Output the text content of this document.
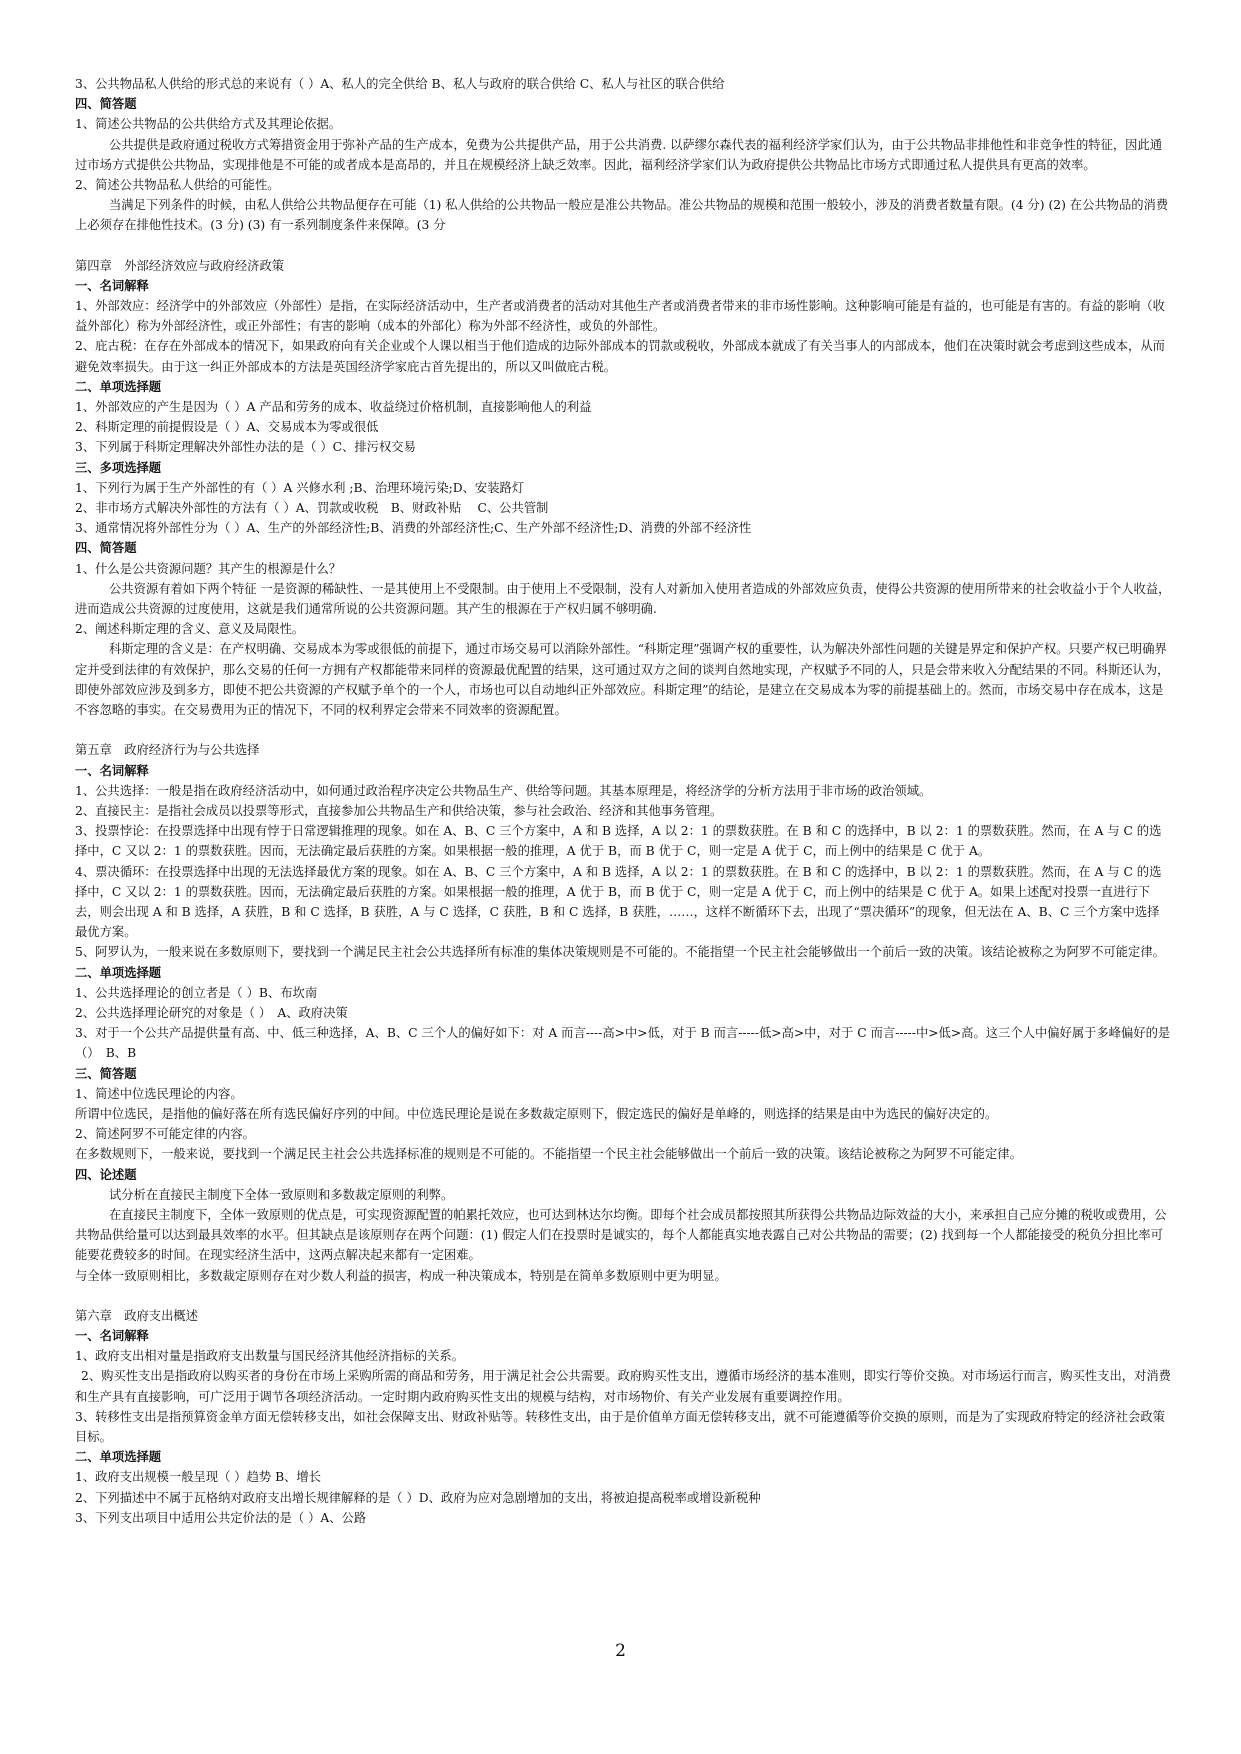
3、公共物品私人供给的形式总的来说有（ ）A、私人的完全供给 B、私人与政府的联合供给 C、私人与社区的联合供给

四、简答题

1、简述公共物品的公共供给方式及其理论依据。

公共提供是政府通过税收方式筹措资金用于弥补产品的生产成本，免费为公共提供产品，用于公共消费. 以萨缪尔森代表的福利经济学家们认为，由于公共物品非排他性和非竞争性的特征，因此通过市场方式提供公共物品，实现排他是不可能的或者成本是高昂的，并且在规模经济上缺乏效率。因此，福利经济学家们认为政府提供公共物品比市场方式即通过私人提供具有更高的效率。

2、简述公共物品私人供给的可能性。

当满足下列条件的时候，由私人供给公共物品便存在可能（1) 私人供给的公共物品一般应是准公共物品。准公共物品的规模和范围一般较小，涉及的消费者数量有限。(4 分) (2) 在公共物品的消费上必须存在排他性技术。(3 分) (3) 有一系列制度条件来保障。(3 分

第四章　外部经济效应与政府经济政策

一、名词解释

1、外部效应：经济学中的外部效应（外部性）是指，在实际经济活动中，生产者或消费者的活动对其他生产者或消费者带来的非市场性影响。这种影响可能是有益的，也可能是有害的。有益的影响（收益外部化）称为外部经济性，或正外部性；有害的影响（成本的外部化）称为外部不经济性，或负的外部性。

2、庇古税：在存在外部成本的情况下，如果政府向有关企业或个人课以相当于他们造成的边际外部成本的罚款或税收，外部成本就成了有关当事人的内部成本，他们在决策时就会考虑到这些成本，从而避免效率损失。由于这一纠正外部成本的方法是英国经济学家庇古首先提出的，所以又叫做庇古税。

二、单项选择题

1、外部效应的产生是因为（ ）A 产品和劳务的成本、收益绕过价格机制，直接影响他人的利益

2、科斯定理的前提假设是（ ）A、交易成本为零或很低

3、下列属于科斯定理解决外部性办法的是（ ）C、排污权交易

三、多项选择题

1、下列行为属于生产外部性的有（ ）A 兴修水利 ;B、治理环境污染;D、安装路灯

2、非市场方式解决外部性的方法有（ ）A、罚款或收税　B、财政补贴　 C、公共管制

3、通常情况将外部性分为（ ）A、生产的外部经济性;B、消费的外部经济性;C、生产外部不经济性;D、消费的外部不经济性

四、简答题

1、什么是公共资源问题？其产生的根源是什么？

公共资源有着如下两个特征 一是资源的稀缺性、一是其使用上不受限制。由于使用上不受限制，没有人对新加入使用者造成的外部效应负责，使得公共资源的使用所带来的社会收益小于个人收益，进而造成公共资源的过度使用，这就是我们通常所说的公共资源问题。其产生的根源在于产权归属不够明确.

2、阐述科斯定理的含义、意义及局限性。

科斯定理的含义是：在产权明确、交易成本为零或很低的前提下，通过市场交易可以消除外部性。“科斯定理”强调产权的重要性，认为解决外部性问题的关键是界定和保护产权。只要产权已明确界定并受到法律的有效保护，那么交易的任何一方拥有产权都能带来同样的资源最优配置的结果，这可通过双方之间的谈判自然地实现，产权赋予不同的人，只是会带来收入分配结果的不同。科斯还认为，即使外部效应涉及到多方，即使不把公共资源的产权赋予单个的一个人，市场也可以自动地纠正外部效应。科斯定理”的结论，是建立在交易成本为零的前提基础上的。然而，市场交易中存在成本，这是不容忽略的事实。在交易费用为正的情况下，不同的权利界定会带来不同效率的资源配置。

第五章　政府经济行为与公共选择

一、名词解释

1、公共选择：一般是指在政府经济活动中，如何通过政治程序决定公共物品生产、供给等问题。其基本原理是，将经济学的分析方法用于非市场的政治领域。

2、直接民主：是指社会成员以投票等形式，直接参加公共物品生产和供给决策，参与社会政治、经济和其他事务管理。

3、投票悖论：在投票选择中出现有悖于日常逻辑推理的现象。如在 A、B、C 三个方案中，A 和 B 选择，A 以 2：1 的票数获胜。在 B 和 C 的选择中，B 以 2：1 的票数获胜。然而，在 A 与 C 的选择中，C 又以 2：1 的票数获胜。因而，无法确定最后获胜的方案。如果根据一般的推理，A 优于 B，而 B 优于 C，则一定是 A 优于 C，而上例中的结果是 C 优于 A。

4、票决循环：在投票选择中出现的无法选择最优方案的现象。如在 A、B、C 三个方案中，A 和 B 选择，A 以 2：1 的票数获胜。在 B 和 C 的选择中，B 以 2：1 的票数获胜。然而，在 A 与 C 的选择中，C 又以 2：1 的票数获胜。因而，无法确定最后获胜的方案。如果根据一般的推理，A 优于 B，而 B 优于 C，则一定是 A 优于 C，而上例中的结果是 C 优于 A。如果上述配对投票一直进行下去，则会出现 A 和 B 选择，A 获胜，B 和 C 选择，B 获胜，A 与 C 选择，C 获胜，B 和 C 选择，B 获胜，……，这样不断循环下去，出现了“票决循环”的现象，但无法在 A、B、C 三个方案中选择最优方案。

5、阿罗认为，一般来说在多数原则下，要找到一个满足民主社会公共选择所有标准的集体决策规则是不可能的。不能指望一个民主社会能够做出一个前后一致的决策。该结论被称之为阿罗不可能定律。

二、单项选择题

1、公共选择理论的创立者是（ ）B、布坎南

2、公共选择理论研究的对象是（ ）　A、政府决策

3、对于一个公共产品提供量有高、中、低三种选择，A、B、C 三个人的偏好如下：对 A 而言----高>中>低，对于 B 而言-----低>高>中，对于 C 而言-----中>低>高。这三个人中偏好属于多峰偏好的是（）　B、B

三、简答题

1、简述中位选民理论的内容。

所谓中位选民，是指他的偏好落在所有选民偏好序列的中间。中位选民理论是说在多数裁定原则下，假定选民的偏好是单峰的，则选择的结果是由中为选民的偏好决定的。

2、简述阿罗不可能定律的内容。

在多数规则下，一般来说，要找到一个满足民主社会公共选择标准的规则是不可能的。不能指望一个民主社会能够做出一个前后一致的决策。该结论被称之为阿罗不可能定律。

四、论述题

试分析在直接民主制度下全体一致原则和多数裁定原则的利弊。

在直接民主制度下，全体一致原则的优点是，可实现资源配置的帕累托效应，也可达到林达尔均衡。即每个社会成员都按照其所获得公共物品边际效益的大小，来承担自己应分摊的税收或费用，公共物品供给量可以达到最具效率的水平。但其缺点是该原则存在两个问题：(1) 假定人们在投票时是诚实的，每个人都能真实地表露自己对公共物品的需要；(2) 找到每一个人都能接受的税负分担比率可能要花费较多的时间。在现实经济生活中，这两点解决起来都有一定困难。

与全体一致原则相比，多数裁定原则存在对少数人利益的损害，构成一种决策成本，特别是在简单多数原则中更为明显。

第六章　政府支出概述

一、名词解释

1、政府支出相对量是指政府支出数量与国民经济其他经济指标的关系。

2、购买性支出是指政府以购买者的身份在市场上采购所需的商品和劳务，用于满足社会公共需要。政府购买性支出，遵循市场经济的基本准则，即实行等价交换。对市场运行而言，购买性支出，对消费和生产具有直接影响，可广泛用于调节各项经济活动。一定时期内政府购买性支出的规模与结构，对市场物价、有关产业发展有重要调控作用。

3、转移性支出是指预算资金单方面无偿转移支出，如社会保障支出、财政补贴等。转移性支出，由于是价值单方面无偿转移支出，就不可能遵循等价交换的原则，而是为了实现政府特定的经济社会政策目标。

二、单项选择题

1、政府支出规模一般呈现（ ）趋势 B、增长

2、下列描述中不属于瓦格纳对政府支出增长规律解释的是（ ）D、政府为应对急剧增加的支出，将被迫提高税率或增设新税种

3、下列支出项目中适用公共定价法的是（ ）A、公路

2
